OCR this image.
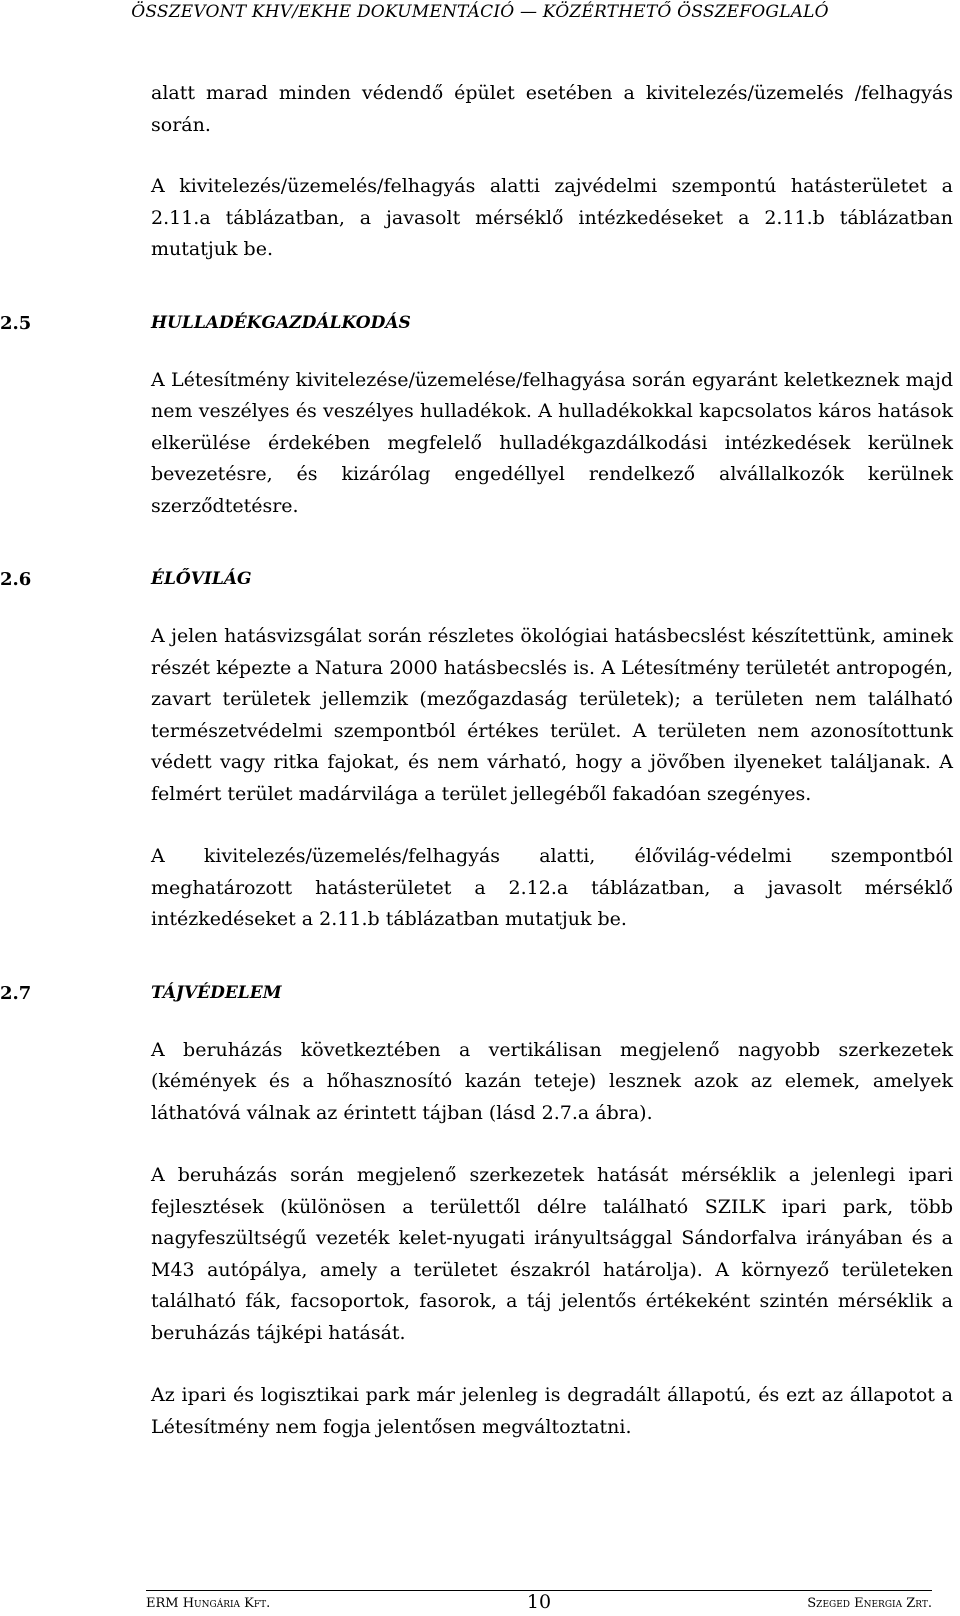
ÖSSZEVONT KHV/EKHE DOKUMENTÁCIÓ — KÖZÉRTHETŐ ÖSSZEFOGLALÓ

alatt marad minden védendő épület esetében a kivitelezés/üzemelés /felhagyás során.

A kivitelezés/üzemelés/felhagyás alatti zajvédelmi szempontú hatásterületet a 2.11.a táblázatban, a javasolt mérséklő intézkedéseket a 2.11.b táblázatban mutatjuk be.

2.5	HULLADÉKGAZDÁLKODÁS

A Létesítmény kivitelezése/üzemelése/felhagyása során egyaránt keletkeznek majd nem veszélyes és veszélyes hulladékok. A hulladékokkal kapcsolatos káros hatások elkerülése érdekében megfelelő hulladékgazdálkodási intézkedések kerülnek bevezetésre, és kizárólag engedéllyel rendelkező alvállalkozók kerülnek szerződtetésre.

2.6	ÉLŐVILÁG

A jelen hatásvizsgálat során részletes ökológiai hatásbecslést készítettünk, aminek részét képezte a Natura 2000 hatásbecslés is. A Létesítmény területét antropogén, zavart területek jellemzik (mezőgazdaság területek); a területen nem található természetvédelmi szempontból értékes terület. A területen nem azonosítottunk védett vagy ritka fajokat, és nem várható, hogy a jövőben ilyeneket találjanak. A felmért terület madárvilága a terület jellegéből fakadóan szegényes.

A kivitelezés/üzemelés/felhagyás alatti, élővilág-védelmi szempontból meghatározott hatásterületet a 2.12.a táblázatban, a javasolt mérséklő intézkedéseket a 2.11.b táblázatban mutatjuk be.

2.7	TÁJVÉDELEM

A beruházás következtében a vertikálisan megjelenő nagyobb szerkezetek (kémények és a hőhasznosító kazán teteje) lesznek azok az elemek, amelyek láthatóvá válnak az érintett tájban (lásd 2.7.a ábra).

A beruházás során megjelenő szerkezetek hatását mérséklik a jelenlegi ipari fejlesztések (különösen a területtől délre található SZILK ipari park, több nagyfeszültségű vezeték kelet-nyugati irányultsággal Sándorfalva irányában és a M43 autópálya, amely a területet északról határolja). A környező területeken található fák, facsoportok, fasorok, a táj jelentős értékeként szintén mérséklik a beruházás tájképi hatását.

Az ipari és logisztikai park már jelenleg is degradált állapotú, és ezt az állapotot a Létesítmény nem fogja jelentősen megváltoztatni.

ERM Hungária Kft.	10	Szeged Energia Zrt.
